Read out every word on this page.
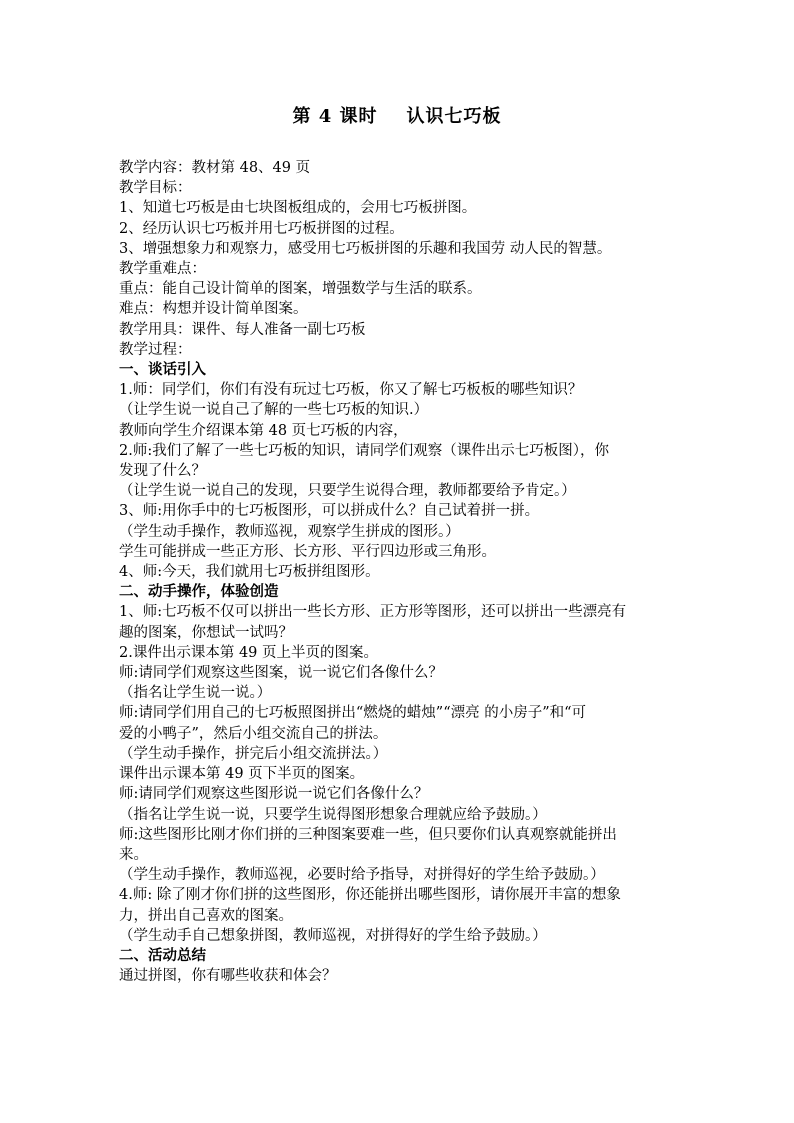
第 4 课时    认识七巧板
教学内容：教材第 48、49 页
教学目标：
1、知道七巧板是由七块图板组成的，会用七巧板拼图。
2、经历认识七巧板并用七巧板拼图的过程。
3、增强想象力和观察力，感受用七巧板拼图的乐趣和我国劳 动人民的智慧。
教学重难点：
重点：能自己设计简单的图案，增强数学与生活的联系。
难点：构想并设计简单图案。
教学用具：课件、每人准备一副七巧板
教学过程：
一、谈话引入
1.师：同学们，你们有没有玩过七巧板，你又了解七巧板板的哪些知识？
（让学生说一说自己了解的一些七巧板的知识.）
教师向学生介绍课本第 48 页七巧板的内容，
2.师:我们了解了一些七巧板的知识，请同学们观察（课件出示七巧板图），你
发现了什么？
（让学生说一说自己的发现，只要学生说得合理，教师都要给予肯定。）
3、师:用你手中的七巧板图形，可以拼成什么？自己试着拼一拼。
（学生动手操作，教师巡视，观察学生拼成的图形。）
学生可能拼成一些正方形、长方形、平行四边形或三角形。
4、师:今天，我们就用七巧板拼组图形。
二、动手操作，体验创造
1、师:七巧板不仅可以拼出一些长方形、正方形等图形，还可以拼出一些漂亮有
趣的图案，你想试一试吗？
2.课件出示课本第 49 页上半页的图案。
师:请同学们观察这些图案，说一说它们各像什么？
（指名让学生说一说。）
师:请同学们用自己的七巧板照图拼出“燃烧的蜡烛”“漂亮 的小房子”和“可
爱的小鸭子”，然后小组交流自己的拼法。
（学生动手操作，拼完后小组交流拼法。）
课件出示课本第 49 页下半页的图案。
师:请同学们观察这些图形说一说它们各像什么？
（指名让学生说一说，只要学生说得图形想象合理就应给予鼓励。）
师:这些图形比刚才你们拼的三种图案要难一些，但只要你们认真观察就能拼出
来。
（学生动手操作，教师巡视，必要时给予指导，对拼得好的学生给予鼓励。）
4.师: 除了刚才你们拼的这些图形，你还能拼出哪些图形，请你展开丰富的想象
力，拼出自己喜欢的图案。
（学生动手自己想象拼图，教师巡视，对拼得好的学生给予鼓励。）
二、活动总结
通过拼图，你有哪些收获和体会？
